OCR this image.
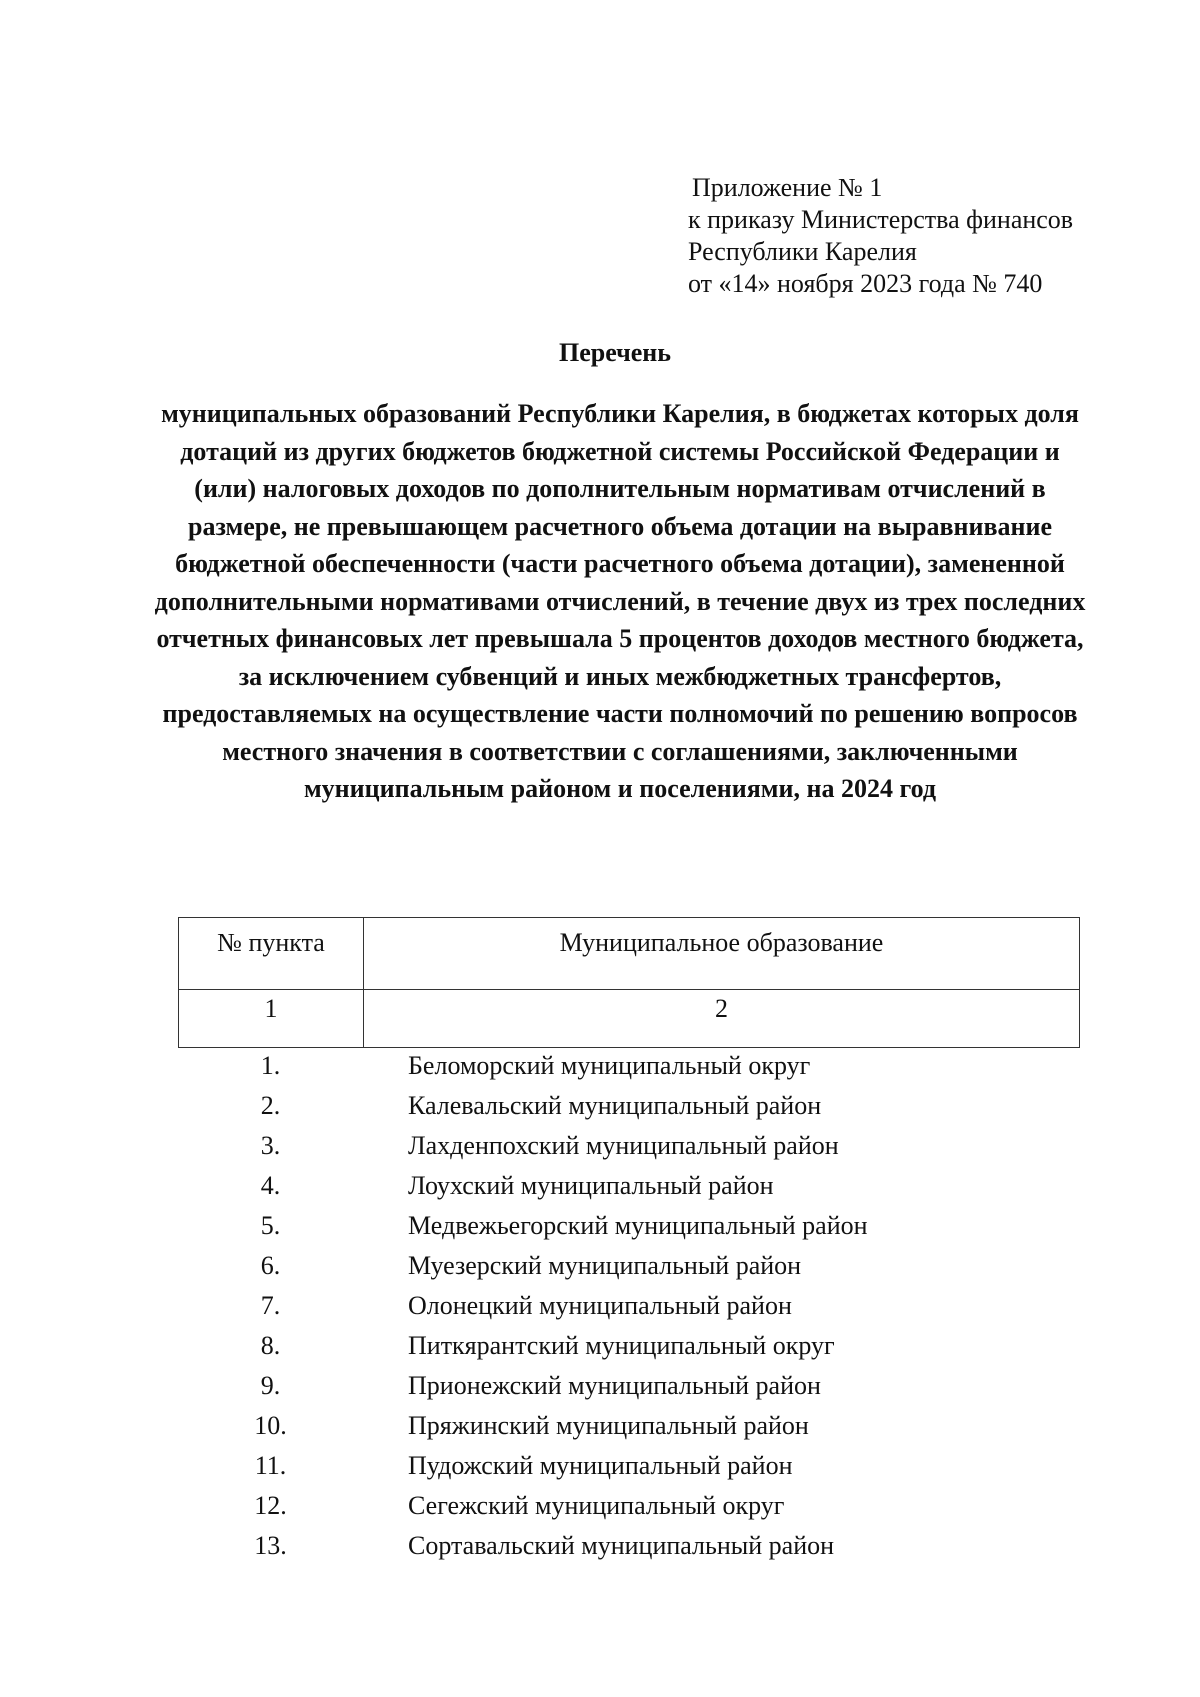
Приложение № 1
к приказу Министерства финансов
Республики Карелия
от «14» ноября 2023 года № 740
Перечень
муниципальных образований Республики Карелия, в бюджетах которых доля дотаций из других бюджетов бюджетной системы Российской Федерации и (или) налоговых доходов по дополнительным нормативам отчислений в размере, не превышающем расчетного объема дотации на выравнивание бюджетной обеспеченности (части расчетного объема дотации), замененной дополнительными нормативами отчислений, в течение двух из трех последних отчетных финансовых лет превышала 5 процентов доходов местного бюджета, за исключением субвенций и иных межбюджетных трансфертов, предоставляемых на осуществление части полномочий по решению вопросов местного значения в соответствии с соглашениями, заключенными муниципальным районом и поселениями, на 2024 год
№ пункта	Муниципальное образование
1	2
1.	Беломорский муниципальный округ
2.	Калевальский муниципальный район
3.	Лахденпохский муниципальный район
4.	Лоухский муниципальный район
5.	Медвежьегорский муниципальный район
6.	Муезерский муниципальный район
7.	Олонецкий муниципальный район
8.	Питкярантский муниципальный округ
9.	Прионежский муниципальный район
10.	Пряжинский муниципальный район
11.	Пудожский муниципальный район
12.	Сегежский муниципальный округ
13.	Сортавальский муниципальный район
